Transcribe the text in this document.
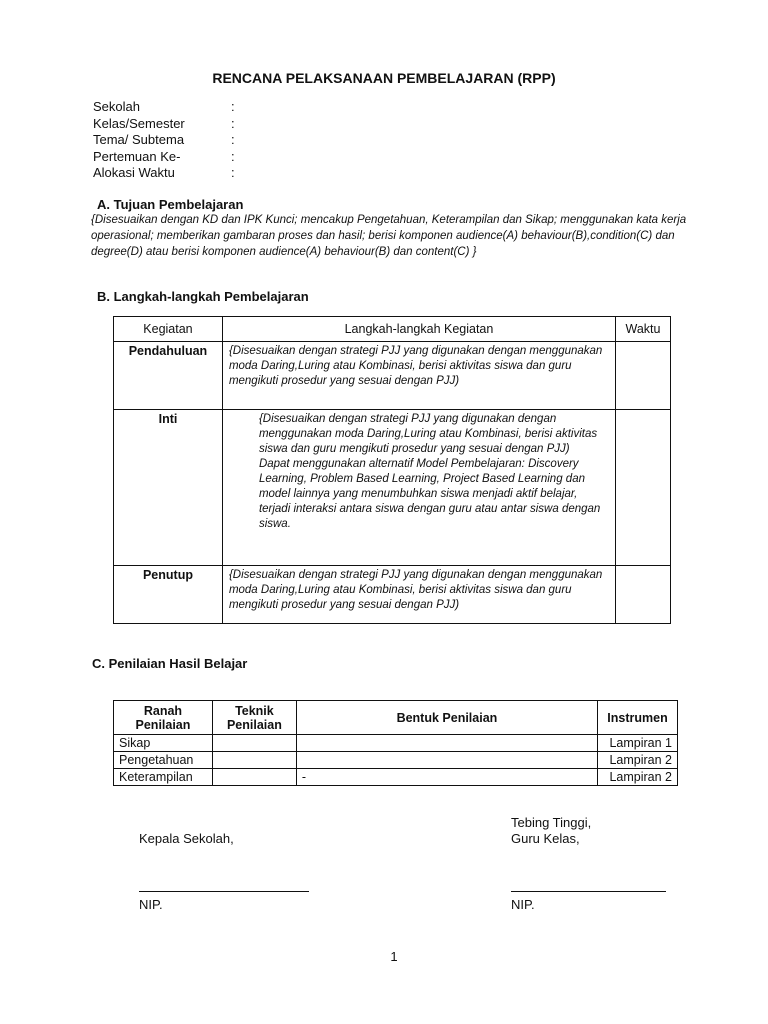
RENCANA PELAKSANAAN PEMBELAJARAN (RPP)
Sekolah	:
Kelas/Semester	:
Tema/ Subtema	:
Pertemuan Ke-	:
Alokasi Waktu	:
A. Tujuan Pembelajaran
{Disesuaikan dengan KD dan IPK Kunci; mencakup Pengetahuan, Keterampilan dan Sikap; menggunakan kata kerja operasional; memberikan gambaran proses dan hasil; berisi komponen audience(A) behaviour(B),condition(C) dan degree(D) atau berisi komponen audience(A) behaviour(B) dan content(C) }
B. Langkah-langkah Pembelajaran
Kegiatan	Langkah-langkah Kegiatan	Waktu
Pendahuluan	{Disesuaikan dengan strategi PJJ yang digunakan dengan menggunakan moda Daring,Luring atau Kombinasi, berisi aktivitas siswa dan guru mengikuti prosedur yang sesuai dengan PJJ)	
Inti	{Disesuaikan dengan strategi PJJ yang digunakan dengan menggunakan moda Daring,Luring atau Kombinasi, berisi aktivitas siswa dan guru mengikuti prosedur yang sesuai dengan PJJ)
Dapat menggunakan alternatif Model Pembelajaran: Discovery Learning, Problem Based Learning, Project Based Learning dan model lainnya yang menumbuhkan siswa menjadi aktif belajar, terjadi interaksi antara siswa dengan guru atau antar siswa dengan siswa.	

Penutup	{Disesuaikan dengan strategi PJJ yang digunakan dengan menggunakan moda Daring,Luring atau Kombinasi, berisi aktivitas siswa dan guru mengikuti prosedur yang sesuai dengan PJJ)	
C. Penilaian Hasil Belajar
Ranah Penilaian	Teknik Penilaian	Bentuk Penilaian	Instrumen
Sikap			Lampiran 1
Pengetahuan			Lampiran 2
Keterampilan		-	Lampiran 2
Tebing Tinggi,
Guru Kelas,
Kepala Sekolah,
NIP.	NIP.
1
